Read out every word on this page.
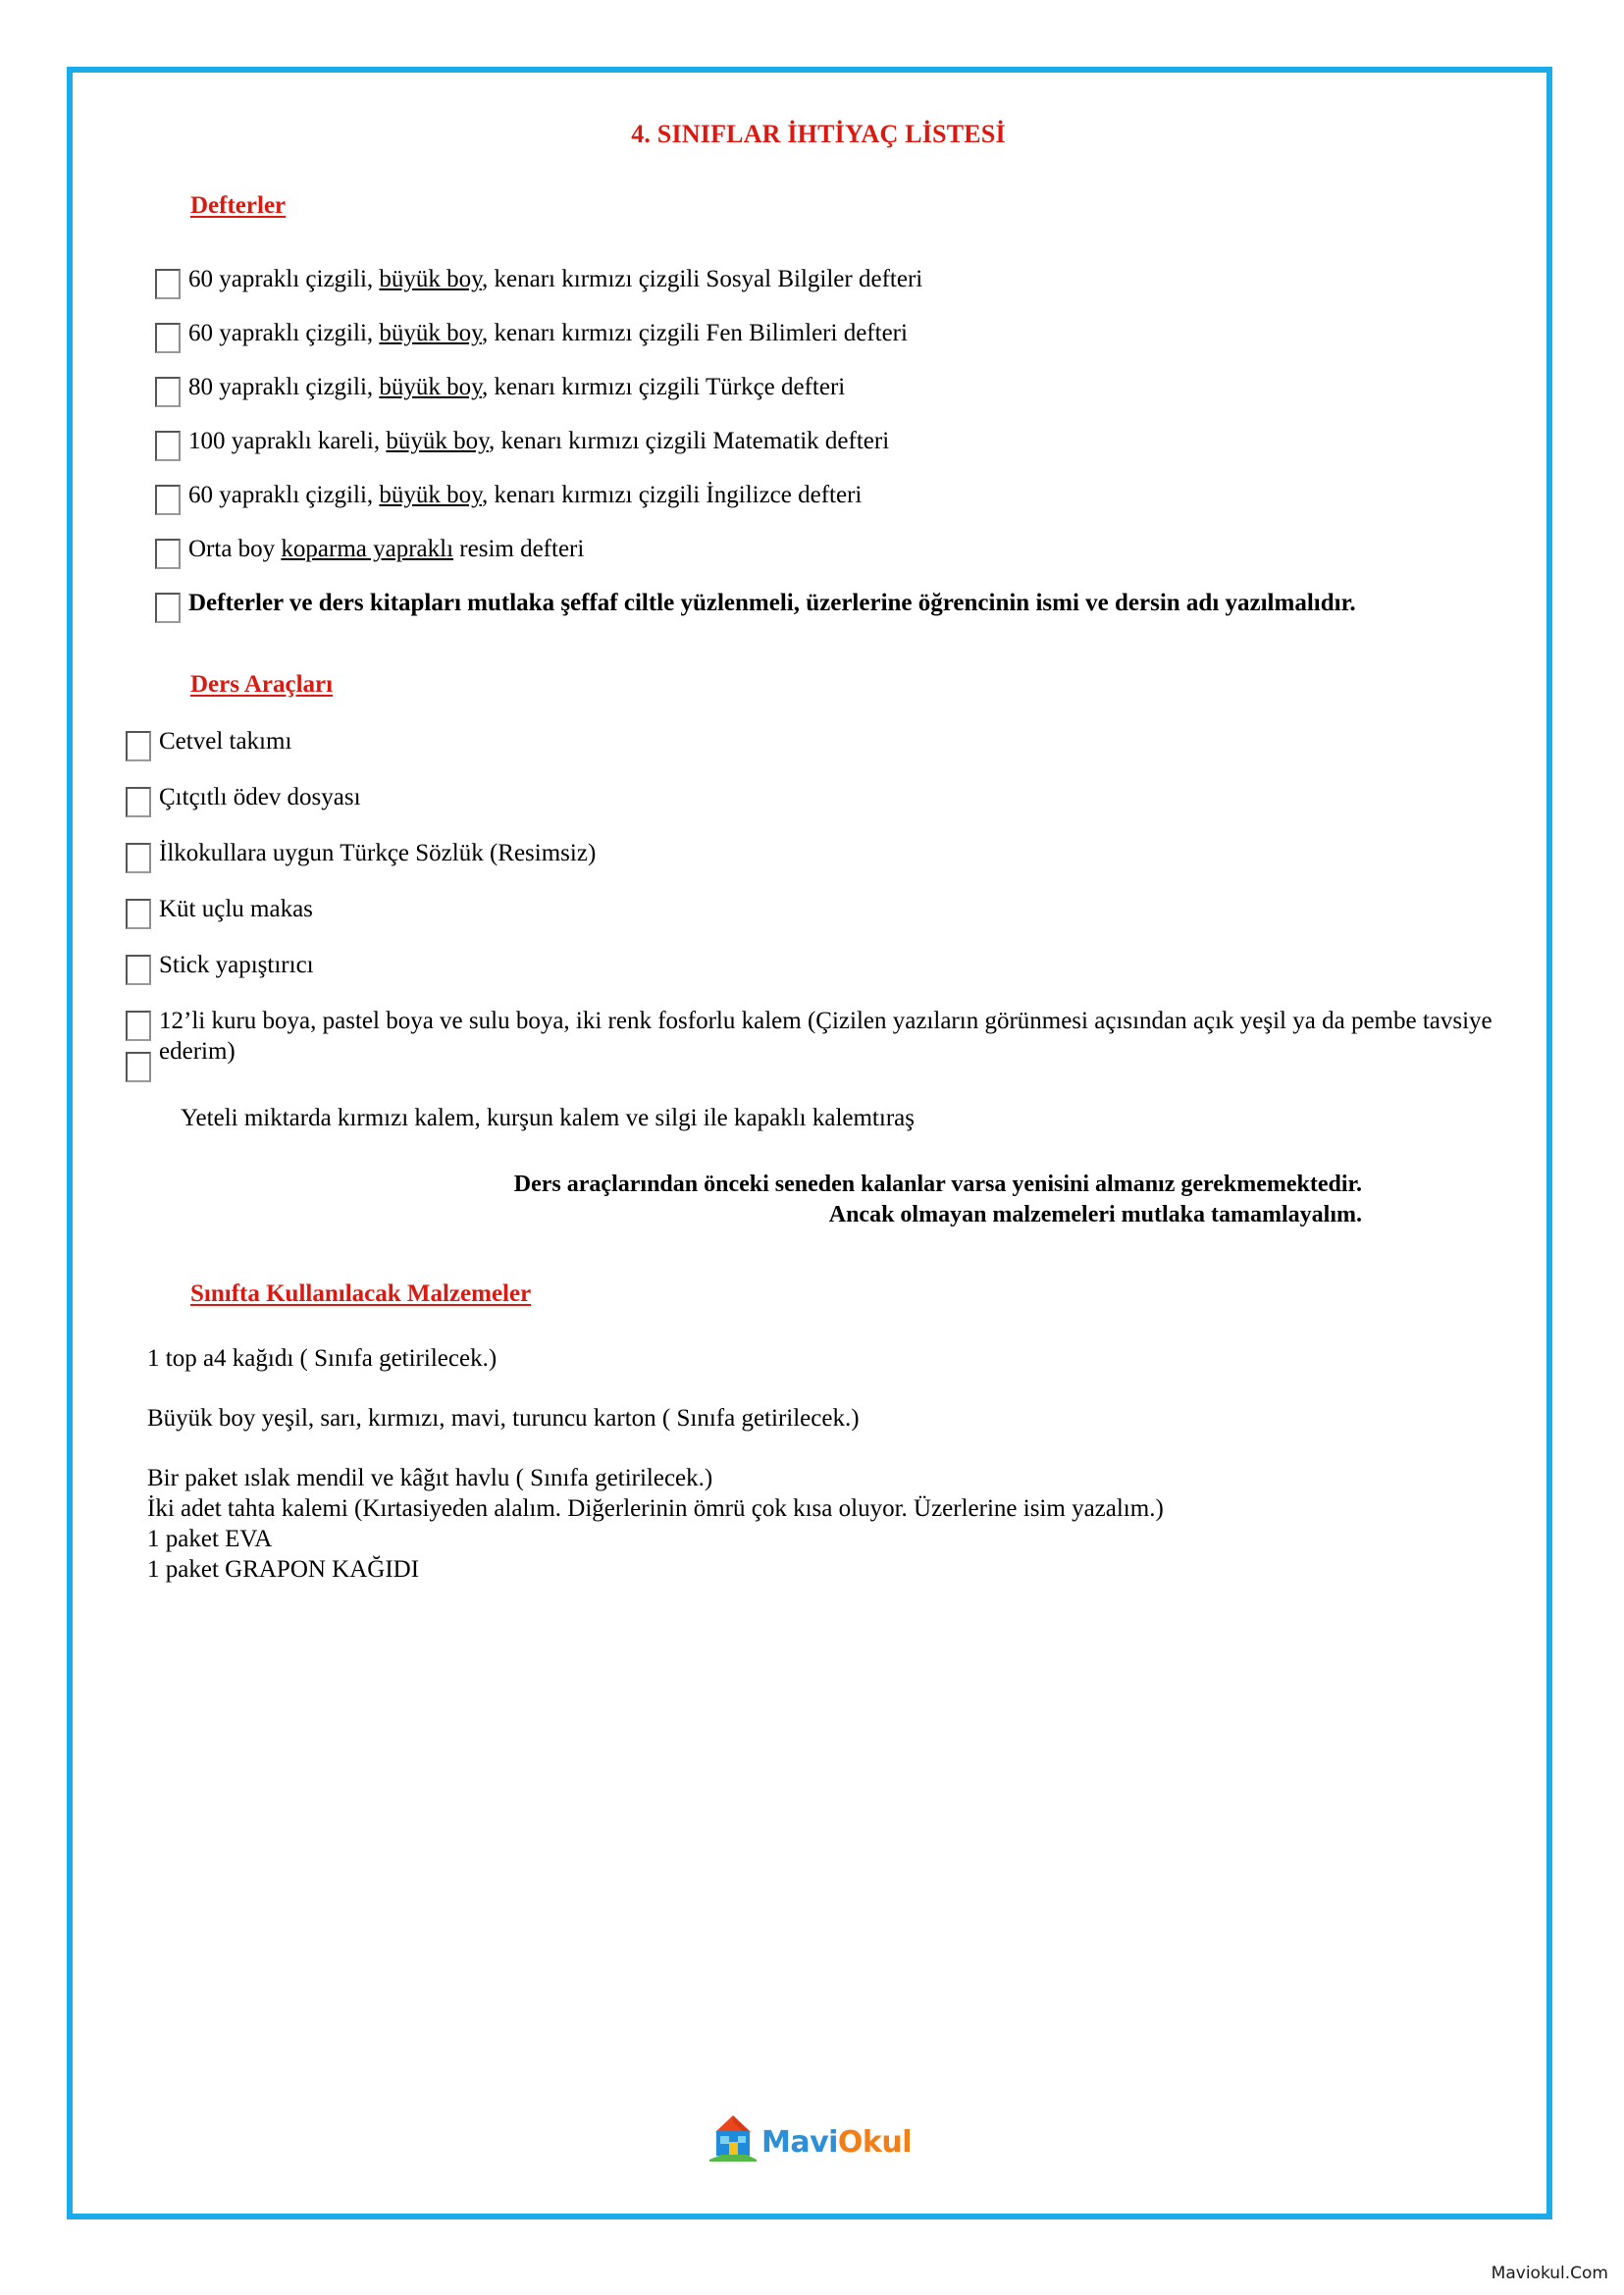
4. SINIFLAR İHTİYAÇ LİSTESİ
Defterler
60 yapraklı çizgili, büyük boy, kenarı kırmızı çizgili Sosyal Bilgiler defteri
60 yapraklı çizgili, büyük boy, kenarı kırmızı çizgili Fen Bilimleri defteri
80 yapraklı çizgili, büyük boy, kenarı kırmızı çizgili Türkçe defteri
100 yapraklı kareli, büyük boy, kenarı kırmızı çizgili Matematik defteri
60 yapraklı çizgili, büyük boy, kenarı kırmızı çizgili İngilizce defteri
Orta boy koparma yapraklı resim defteri
Defterler ve ders kitapları mutlaka şeffaf ciltle yüzlenmeli, üzerlerine öğrencinin ismi ve dersin adı yazılmalıdır.
Ders Araçları
Cetvel takımı
Çıtçıtlı ödev dosyası
İlkokullara uygun Türkçe Sözlük (Resimsiz)
Küt uçlu makas
Stick yapıştırıcı
12’li kuru boya, pastel boya ve sulu boya, iki renk fosforlu kalem (Çizilen yazıların görünmesi açısından açık yeşil ya da pembe tavsiye ederim)

Yeteli miktarda kırmızı kalem, kurşun kalem ve silgi ile kapaklı kalemtıraş

Ders araçlarından önceki seneden kalanlar varsa yenisini almanız gerekmemektedir.
Ancak olmayan malzemeleri mutlaka tamamlayalım.

Sınıfta Kullanılacak Malzemeler

1 top a4 kağıdı ( Sınıfa getirilecek.)

Büyük boy yeşil, sarı, kırmızı, mavi, turuncu karton ( Sınıfa getirilecek.)

Bir paket ıslak mendil ve kâğıt havlu ( Sınıfa getirilecek.)

İki adet tahta kalemi (Kırtasiyeden alalım. Diğerlerinin ömrü çok kısa oluyor. Üzerlerine isim yazalım.)

1 paket EVA

1 paket GRAPON KAĞIDI

MaviOkul
Maviokul.Com
